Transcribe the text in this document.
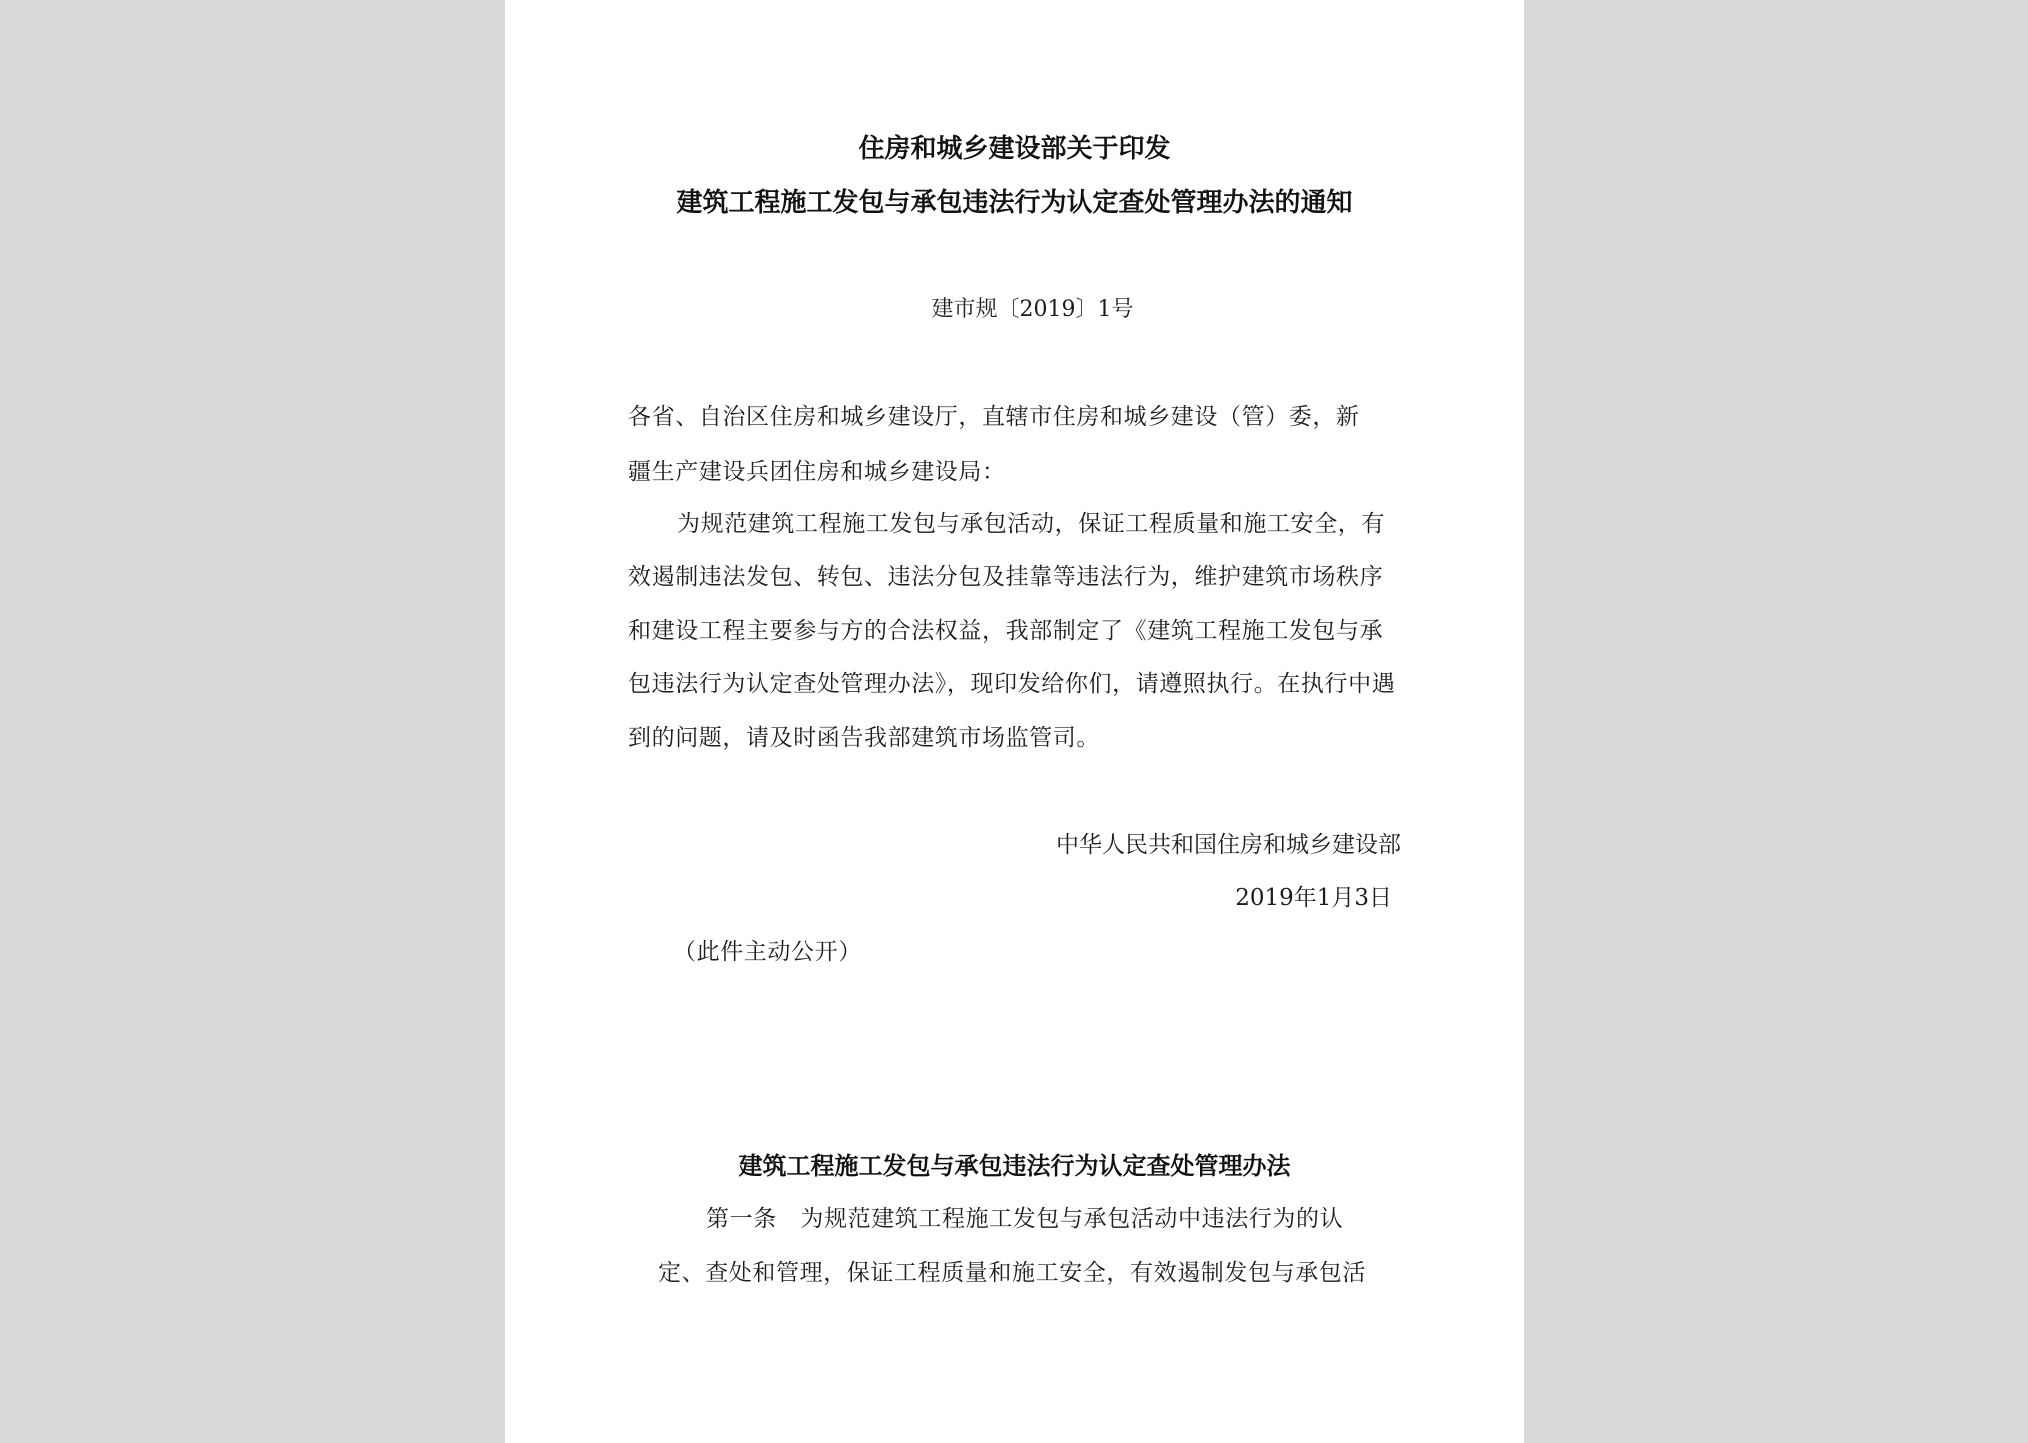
住房和城乡建设部关于印发
建筑工程施工发包与承包违法行为认定查处管理办法的通知
建市规〔2019〕1号
各省、自治区住房和城乡建设厅，直辖市住房和城乡建设（管）委，新
疆生产建设兵团住房和城乡建设局：
为规范建筑工程施工发包与承包活动，保证工程质量和施工安全，有
效遏制违法发包、转包、违法分包及挂靠等违法行为，维护建筑市场秩序
和建设工程主要参与方的合法权益，我部制定了《建筑工程施工发包与承
包违法行为认定查处管理办法》，现印发给你们，请遵照执行。在执行中遇
到的问题，请及时函告我部建筑市场监管司。
中华人民共和国住房和城乡建设部
2019年1月3日
（此件主动公开）
建筑工程施工发包与承包违法行为认定查处管理办法
第一条　为规范建筑工程施工发包与承包活动中违法行为的认
定、查处和管理，保证工程质量和施工安全，有效遏制发包与承包活
